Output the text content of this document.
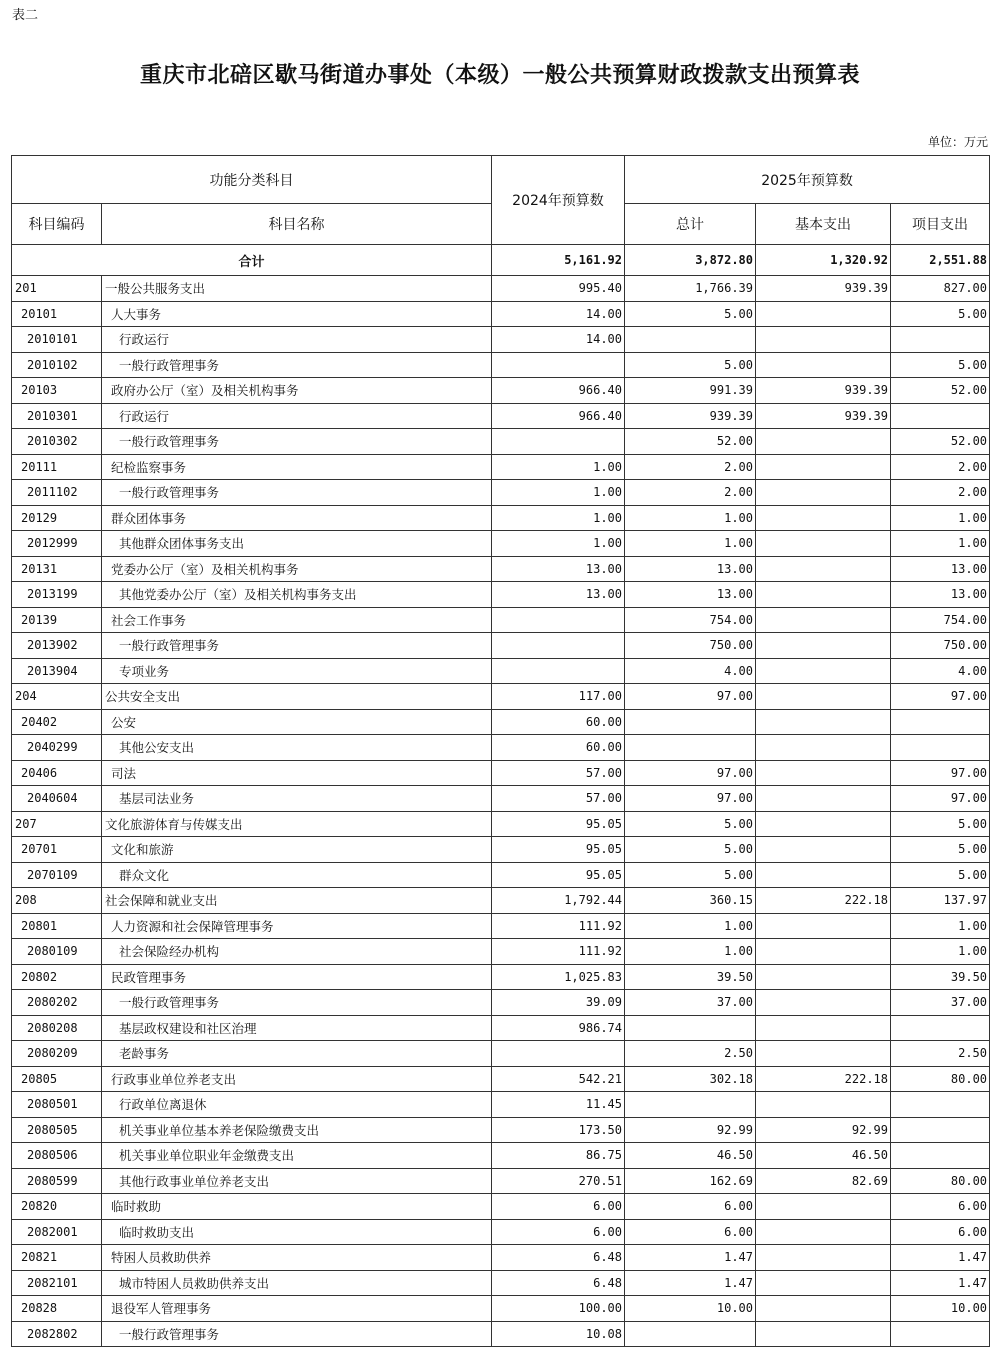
表二
重庆市北碚区歇马街道办事处（本级）一般公共预算财政拨款支出预算表
单位：万元
功能分类科目		2024年预算数	2025年预算数		
科目编码	科目名称		总计	基本支出	项目支出
合计		5,161.92	3,872.80	1,320.92	2,551.88
201	一般公共服务支出	995.40	1,766.39	939.39	827.00
20101	人大事务	14.00	5.00		5.00
2010101	行政运行	14.00			
2010102	一般行政管理事务		5.00		5.00
20103	政府办公厅（室）及相关机构事务	966.40	991.39	939.39	52.00
2010301	行政运行	966.40	939.39	939.39	
2010302	一般行政管理事务		52.00		52.00
20111	纪检监察事务	1.00	2.00		2.00
2011102	一般行政管理事务	1.00	2.00		2.00
20129	群众团体事务	1.00	1.00		1.00
2012999	其他群众团体事务支出	1.00	1.00		1.00
20131	党委办公厅（室）及相关机构事务	13.00	13.00		13.00
2013199	其他党委办公厅（室）及相关机构事务支出	13.00	13.00		13.00
20139	社会工作事务		754.00		754.00
2013902	一般行政管理事务		750.00		750.00
2013904	专项业务		4.00		4.00
204	公共安全支出	117.00	97.00		97.00
20402	公安	60.00			
2040299	其他公安支出	60.00			
20406	司法	57.00	97.00		97.00
2040604	基层司法业务	57.00	97.00		97.00
207	文化旅游体育与传媒支出	95.05	5.00		5.00
20701	文化和旅游	95.05	5.00		5.00
2070109	群众文化	95.05	5.00		5.00
208	社会保障和就业支出	1,792.44	360.15	222.18	137.97
20801	人力资源和社会保障管理事务	111.92	1.00		1.00
2080109	社会保险经办机构	111.92	1.00		1.00
20802	民政管理事务	1,025.83	39.50		39.50
2080202	一般行政管理事务	39.09	37.00		37.00
2080208	基层政权建设和社区治理	986.74			
2080209	老龄事务		2.50		2.50
20805	行政事业单位养老支出	542.21	302.18	222.18	80.00
2080501	行政单位离退休	11.45			
2080505	机关事业单位基本养老保险缴费支出	173.50	92.99	92.99	
2080506	机关事业单位职业年金缴费支出	86.75	46.50	46.50	
2080599	其他行政事业单位养老支出	270.51	162.69	82.69	80.00
20820	临时救助	6.00	6.00		6.00
2082001	临时救助支出	6.00	6.00		6.00
20821	特困人员救助供养	6.48	1.47		1.47
2082101	城市特困人员救助供养支出	6.48	1.47		1.47
20828	退役军人管理事务	100.00	10.00		10.00
2082802	一般行政管理事务	10.08			
